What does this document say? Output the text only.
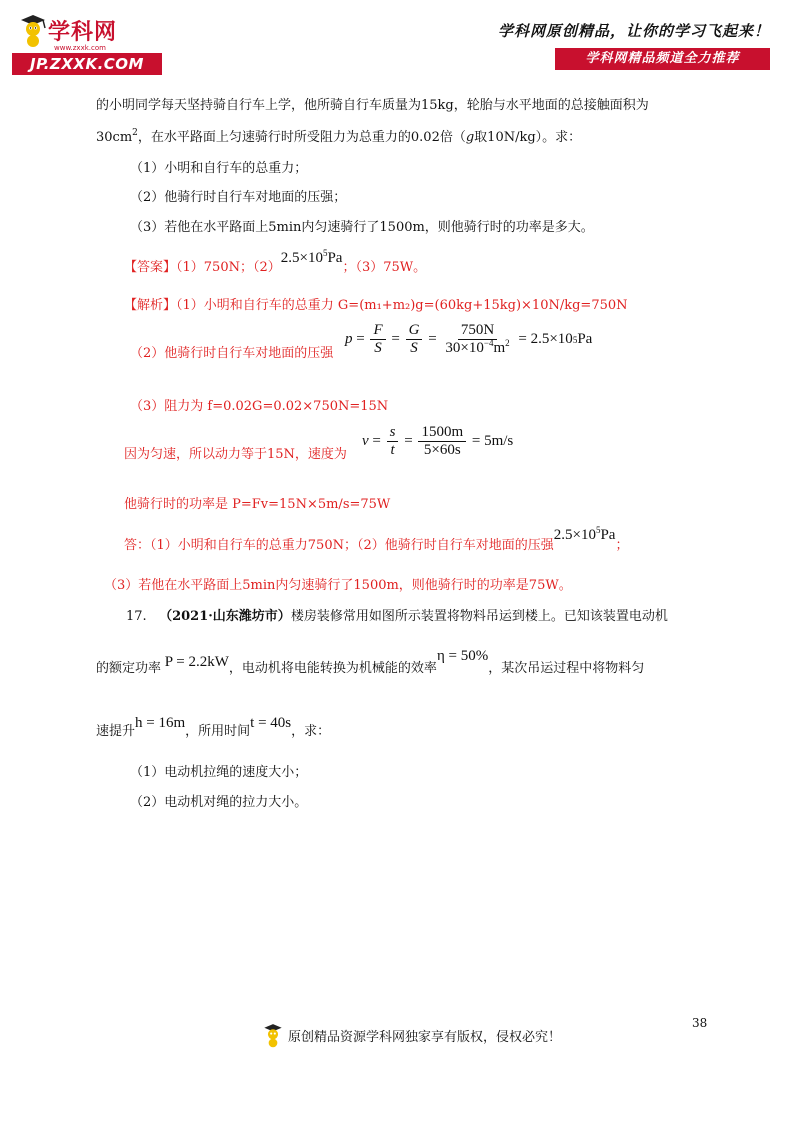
学科网
www.zxxk.com
JP.ZXXK.COM
学科网原创精品，让你的学习飞起来！
学科网精品频道全力推荐
的小明同学每天坚持骑自行车上学，他所骑自行车质量为15kg，轮胎与水平地面的总接触面积为
$30cm^2$，在水平路面上匀速骑行时所受阻力为总重力的0.02倍（g取10N/kg）。求：
（1）小明和自行车的总重力；
（2）他骑行时自行车对地面的压强；
（3）若他在水平路面上5min内匀速骑行了1500m，则他骑行时的功率是多大。
【答案】（1）750N；$(2)2.5\times 10^5Pa$；（3）75W。
【解析】（1）小明和自行车的总重力 G=(m₁+m₂)g=(60kg+15kg)×10N/kg=750N
（2）他骑行时自行车对地面的压强
$p = \frac{F}{S} = \frac{G}{S} = \frac{750N}{30\times 10^{-4}m^2}$
= 2.5×10 5 Pa
（3）阻力为 f=0.02G=0.02×750N=15N
因为匀速，所以动力等于15N，速度为
$v = \frac{s}{t} = \frac{1500m}{5\times 60s}$
= 5m/s
他骑行时的功率是 P=Fv=15N×5m/s=75W
答：（1）小明和自行车的总重力750N；（2）他骑行时自行车对地面的压强$2.5\times 10^5Pa$；
（3）若他在水平路面上5min内匀速骑行了1500m，则他骑行时的功率是75W。
17. （2021·山东潍坊市）楼房装修常用如图所示装置将物料吊运到楼上。已知该装置电动机
的额定功率 P = 2.2kW，电动机将电能转换为机械能的效率η = 50%，某次吊运过程中将物料匀
速提升h = 16m，所用时间t = 40s，求：
（1）电动机拉绳的速度大小；
（2）电动机对绳的拉力大小。
38
原创精品资源学科网独家享有版权，侵权必究！
